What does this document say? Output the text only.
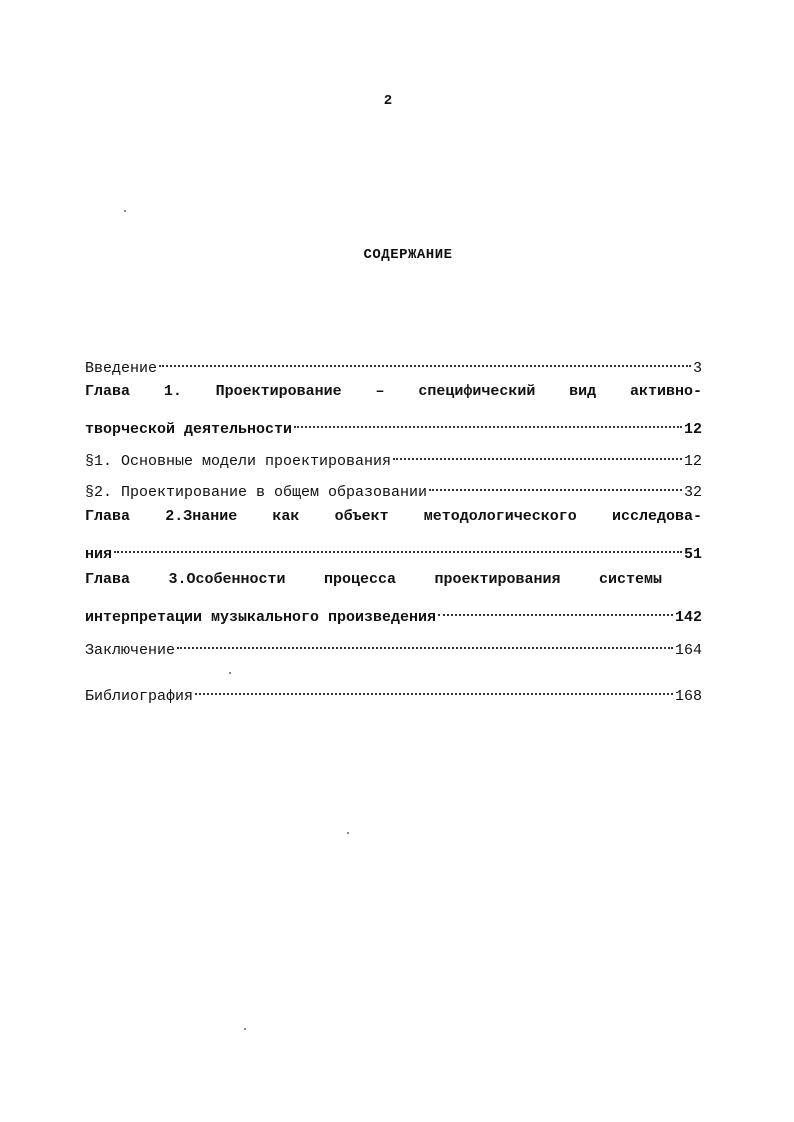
2
СОДЕРЖАНИЕ
Введение	3
Глава 1. Проектирование – специфический вид активно-
творческой деятельности	12
§1. Основные модели проектирования	12
§2. Проектирование в общем образовании	32
Глава 2.Знание как объект методологического исследова-
ния	51
Глава 3.Особенности процесса проектирования системы
интерпретации музыкального произведения	142
Заключение	164
Библиография	168
